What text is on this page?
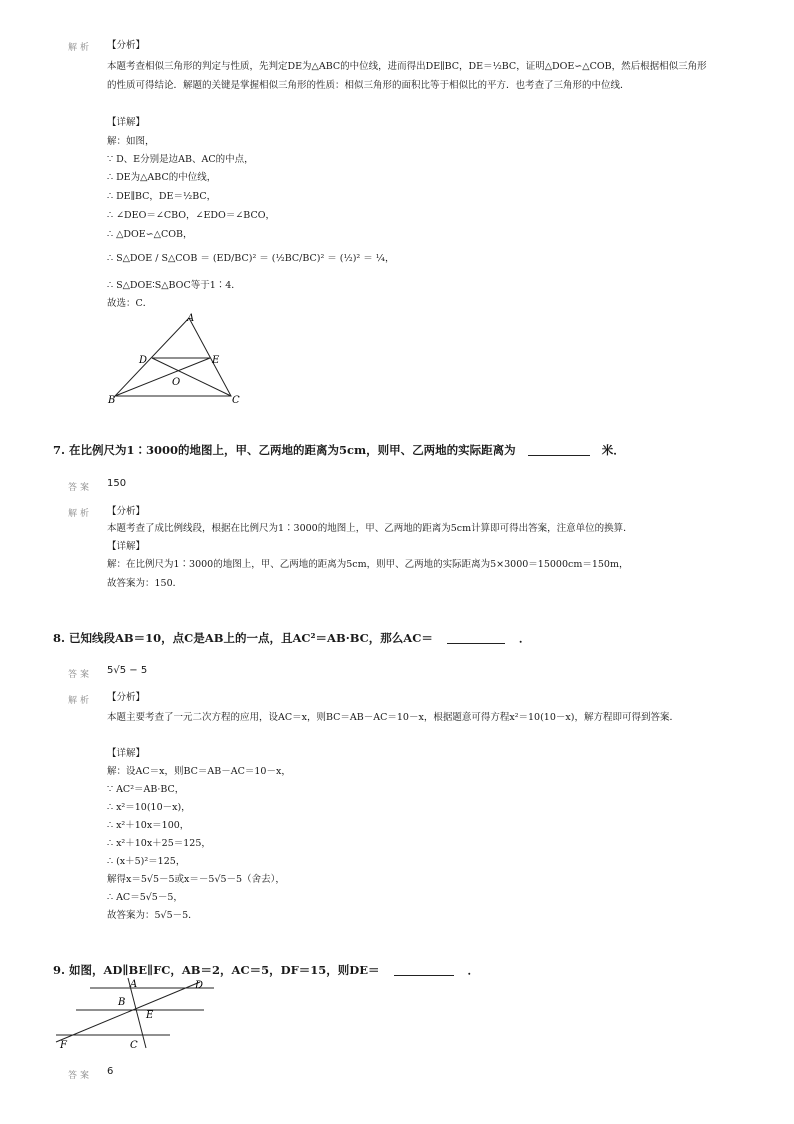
解析 【分析】
本题考查相似三角形的判定与性质，先判定DE为△ABC的中位线，进而得出DE∥BC，DE＝½BC，证明△DOE∽△COB，然后根据相似三角形的性质可得结论．解题的关键是掌握相似三角形的性质：相似三角形的面积比等于相似比的平方．也考查了三角形的中位线．
【详解】
解：如图，
∵ D、E分别是边AB、AC的中点，
∴ DE为△ABC的中位线，
∴ DE∥BC，DE＝½BC，
∴ ∠DEO＝∠CBO，∠EDO＝∠BCO，
∴ △DOE∽△COB，
∴ S△DOE / S△COB ＝ (ED/BC)² ＝ (½BC/BC)² ＝ (½)² ＝ ¼，
∴ S△DOE∶S△BOC等于1∶4．
故选：C．
A
D	E
O
B	C
7. 在比例尺为1∶3000的地图上，甲、乙两地的距离为5cm，则甲、乙两地的实际距离为	米．
答案 150
解析 【分析】
本题考查了成比例线段，根据在比例尺为1∶3000的地图上，甲、乙两地的距离为5cm计算即可得出答案，注意单位的换算．
【详解】
解：在比例尺为1∶3000的地图上，甲、乙两地的距离为5cm，则甲、乙两地的实际距离为5×3000＝15000cm＝150m，
故答案为：150．
8. 已知线段AB＝10，点C是AB上的一点，且AC²＝AB·BC，那么AC＝	．
答案 5√5 − 5
解析 【分析】
本题主要考查了一元二次方程的应用，设AC＝x，则BC＝AB－AC＝10－x，根据题意可得方程x²＝10(10－x)，解方程即可得到答案．
【详解】
解：设AC＝x，则BC＝AB－AC＝10－x，
∵ AC²＝AB·BC，
∴ x²＝10(10－x)，
∴ x²＋10x＝100，
∴ x²＋10x＋25＝125，
∴ (x＋5)²＝125，
解得x＝5√5－5或x＝－5√5－5（舍去），
∴ AC＝5√5－5，
故答案为：5√5－5．
9. 如图，AD∥BE∥FC，AB＝2，AC＝5，DF＝15，则DE＝	．
A	D
B
E
F	C
答案 6
